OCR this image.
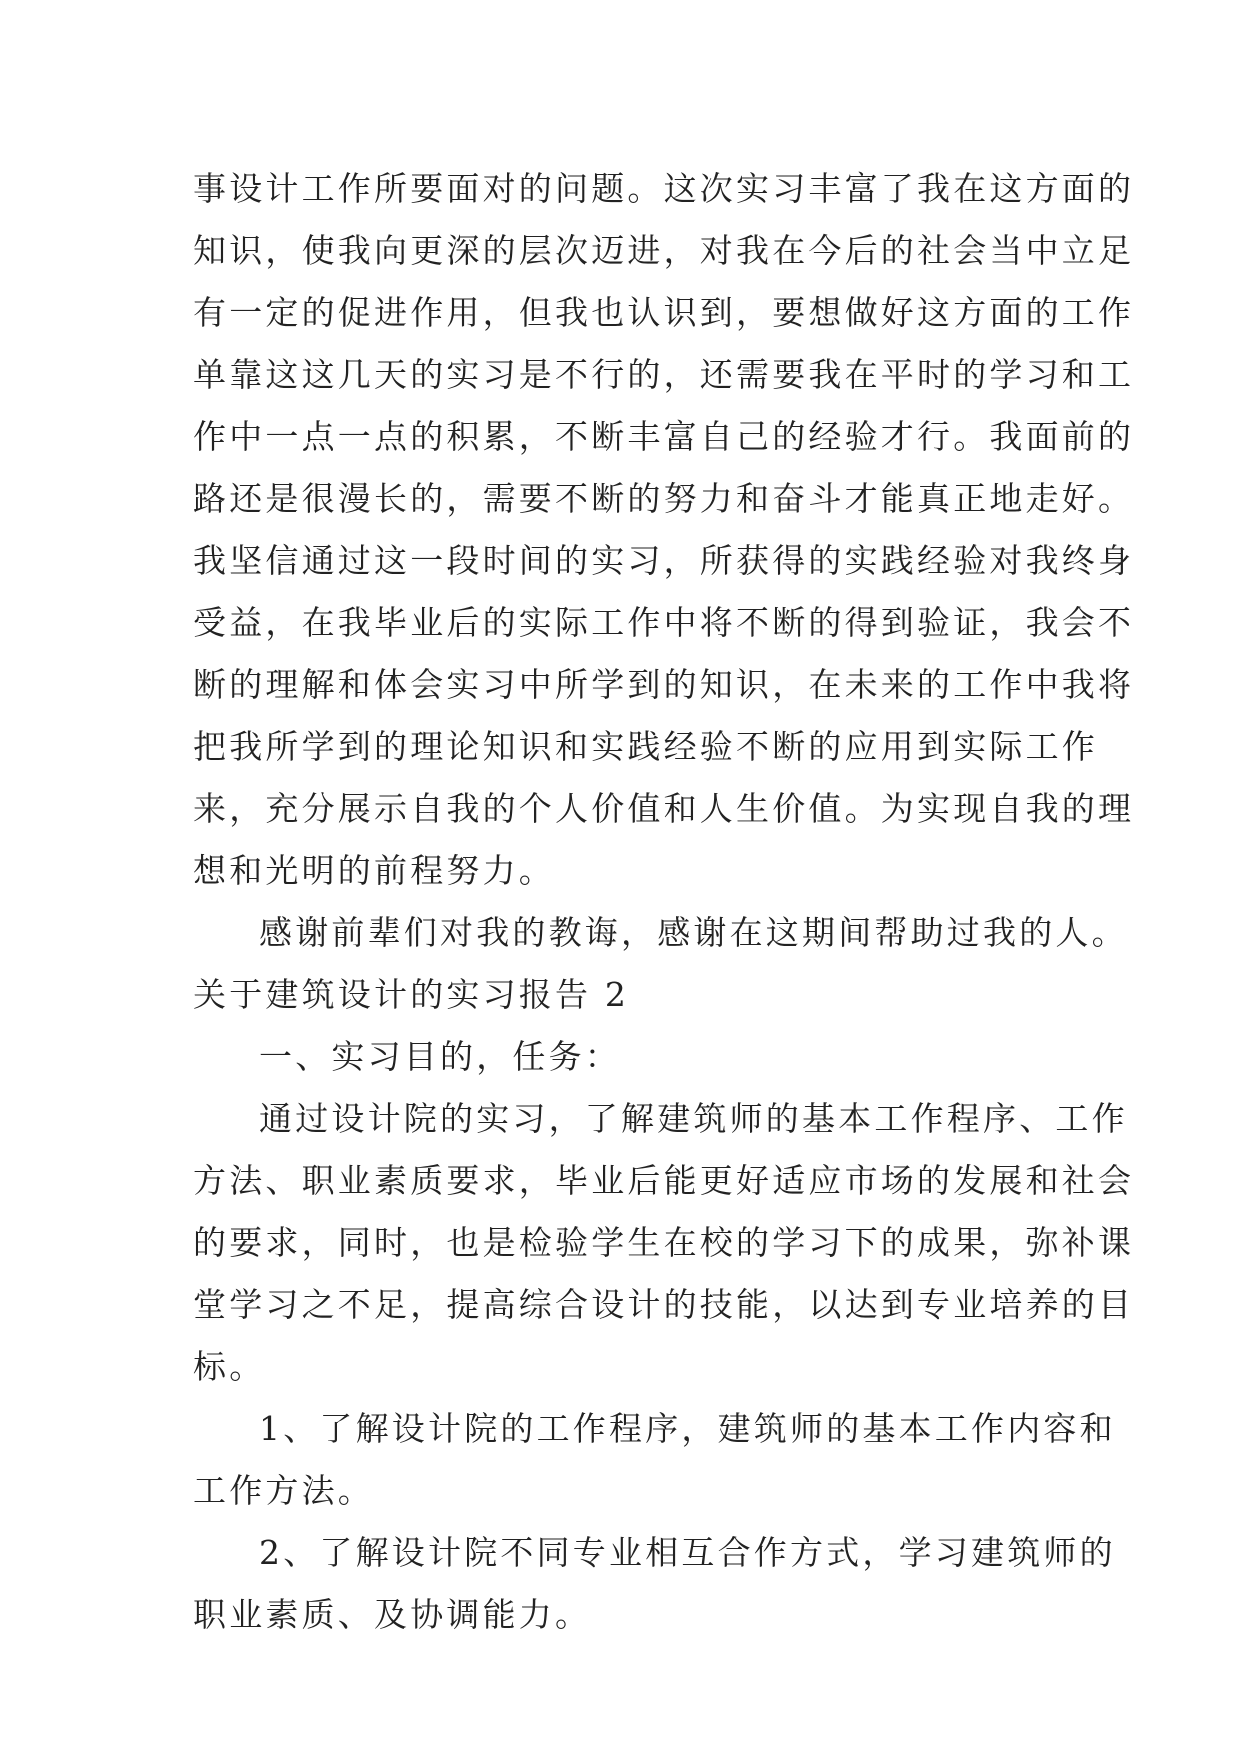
事设计工作所要面对的问题。这次实习丰富了我在这方面的
知识，使我向更深的层次迈进，对我在今后的社会当中立足
有一定的促进作用，但我也认识到，要想做好这方面的工作
单靠这这几天的实习是不行的，还需要我在平时的学习和工
作中一点一点的积累，不断丰富自己的经验才行。我面前的
路还是很漫长的，需要不断的努力和奋斗才能真正地走好。
我坚信通过这一段时间的实习，所获得的实践经验对我终身
受益，在我毕业后的实际工作中将不断的得到验证，我会不
断的理解和体会实习中所学到的知识，在未来的工作中我将
把我所学到的理论知识和实践经验不断的应用到实际工作
来，充分展示自我的个人价值和人生价值。为实现自我的理
想和光明的前程努力。
感谢前辈们对我的教诲，感谢在这期间帮助过我的人。
关于建筑设计的实习报告 2
一、实习目的，任务：
通过设计院的实习，了解建筑师的基本工作程序、工作
方法、职业素质要求，毕业后能更好适应市场的发展和社会
的要求，同时，也是检验学生在校的学习下的成果，弥补课
堂学习之不足，提高综合设计的技能，以达到专业培养的目
标。
1、了解设计院的工作程序，建筑师的基本工作内容和
工作方法。
2、了解设计院不同专业相互合作方式，学习建筑师的
职业素质、及协调能力。
